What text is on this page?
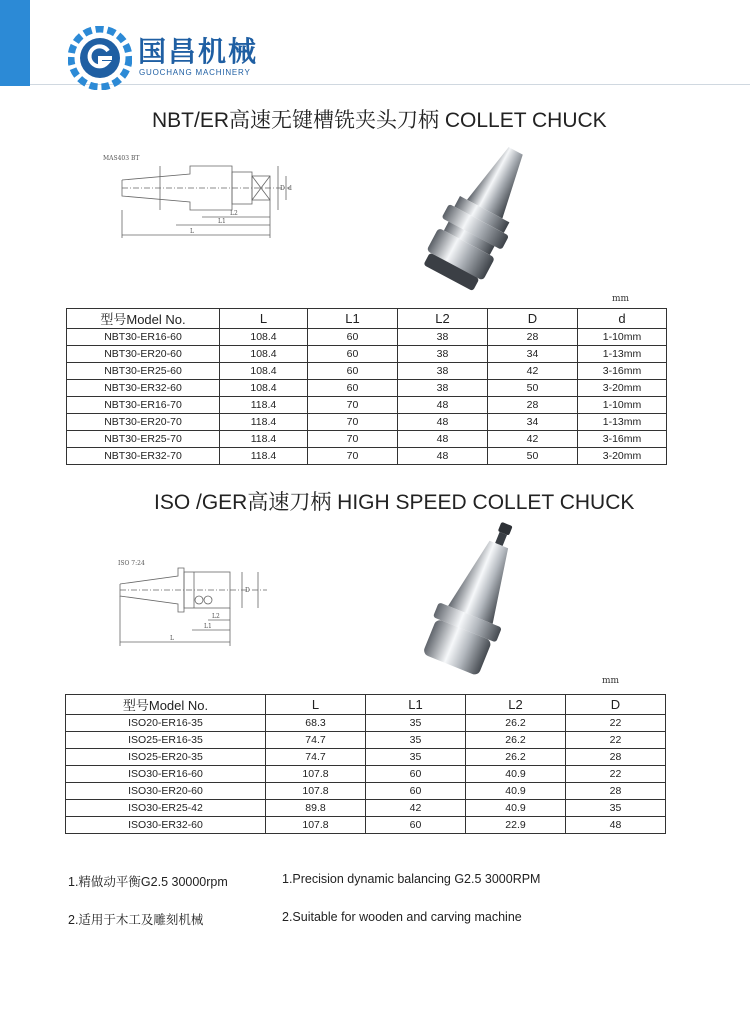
国昌机械
GUOCHANG MACHINERY
NBT/ER高速无键槽铣夹头刀柄 COLLET CHUCK
MAS403 BT
L2
L1
L
D d
mm
型号Model No.	L	L1	L2	D	d
NBT30-ER16-60	108.4	60	38	28	1-10mm
NBT30-ER20-60	108.4	60	38	34	1-13mm
NBT30-ER25-60	108.4	60	38	42	3-16mm
NBT30-ER32-60	108.4	60	38	50	3-20mm
NBT30-ER16-70	118.4	70	48	28	1-10mm
NBT30-ER20-70	118.4	70	48	34	1-13mm
NBT30-ER25-70	118.4	70	48	42	3-16mm
NBT30-ER32-70	118.4	70	48	50	3-20mm
ISO /GER高速刀柄 HIGH SPEED COLLET CHUCK
ISO 7:24
L2
L1
L
D
mm
型号Model No.	L	L1	L2	D
ISO20-ER16-35	68.3	35	26.2	22
ISO25-ER16-35	74.7	35	26.2	22
ISO25-ER20-35	74.7	35	26.2	28
ISO30-ER16-60	107.8	60	40.9	22
ISO30-ER20-60	107.8	60	40.9	28
ISO30-ER25-42	89.8	42	40.9	35
ISO30-ER32-60	107.8	60	22.9	48
1.精做动平衡G2.5 30000rpm	1.Precision dynamic balancing G2.5 3000RPM
2.适用于木工及雕刻机械	2.Suitable for wooden and carving machine
